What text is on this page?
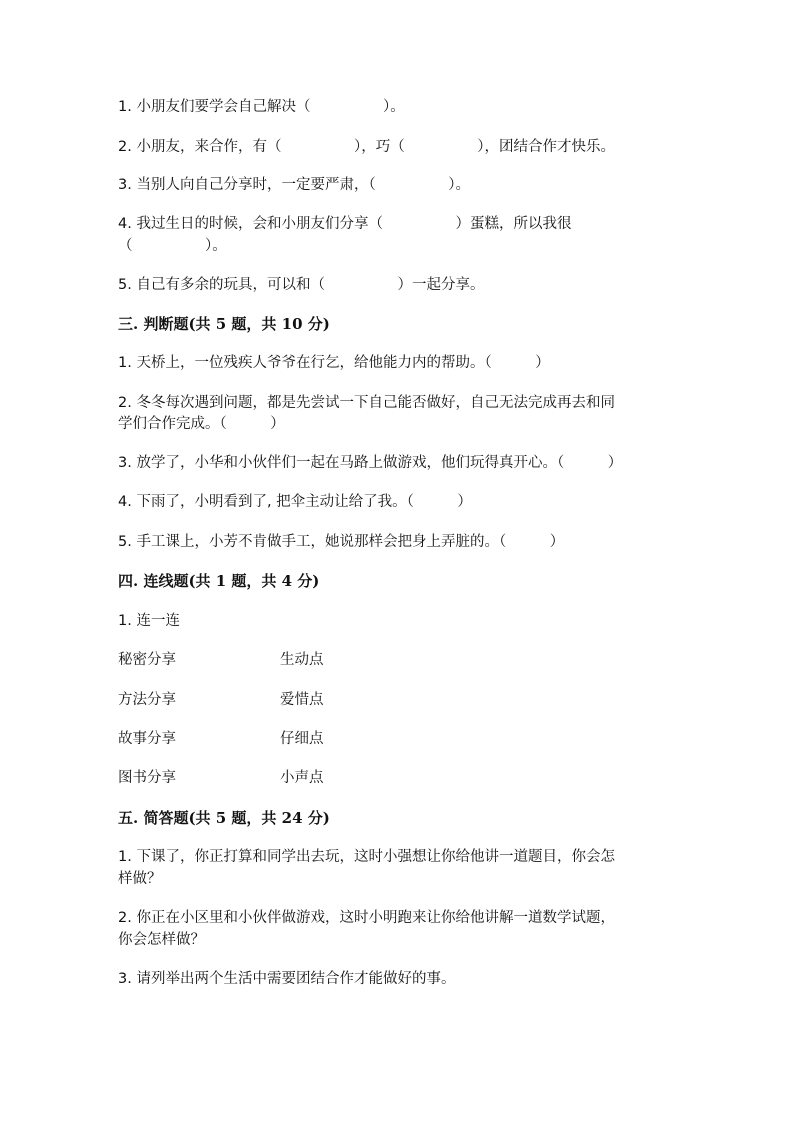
1. 小朋友们要学会自己解决（　　　　　）。
2. 小朋友，来合作，有（　　　　　），巧（　　　　　），团结合作才快乐。
3. 当别人向自己分享时，一定要严肃，（　　　　　）。
4. 我过生日的时候，会和小朋友们分享（　　　　　）蛋糕，所以我很
（　　　　　）。
5. 自己有多余的玩具，可以和（　　　　　）一起分享。
三. 判断题(共 5 题，共 10 分)
1. 天桥上，一位残疾人爷爷在行乞，给他能力内的帮助。（　　　）
2. 冬冬每次遇到问题，都是先尝试一下自己能否做好，自己无法完成再去和同
学们合作完成。（　　　）
3. 放学了，小华和小伙伴们一起在马路上做游戏，他们玩得真开心。（　　　）
4. 下雨了，小明看到了, 把伞主动让给了我。（　　　）
5. 手工课上，小芳不肯做手工，她说那样会把身上弄脏的。（　　　）
四. 连线题(共 1 题，共 4 分)
1. 连一连
秘密分享	生动点
方法分享	爱惜点
故事分享	仔细点
图书分享	小声点
五. 简答题(共 5 题，共 24 分)
1. 下课了，你正打算和同学出去玩，这时小强想让你给他讲一道题目，你会怎
样做？
2. 你正在小区里和小伙伴做游戏，这时小明跑来让你给他讲解一道数学试题，
你会怎样做？
3. 请列举出两个生活中需要团结合作才能做好的事。
